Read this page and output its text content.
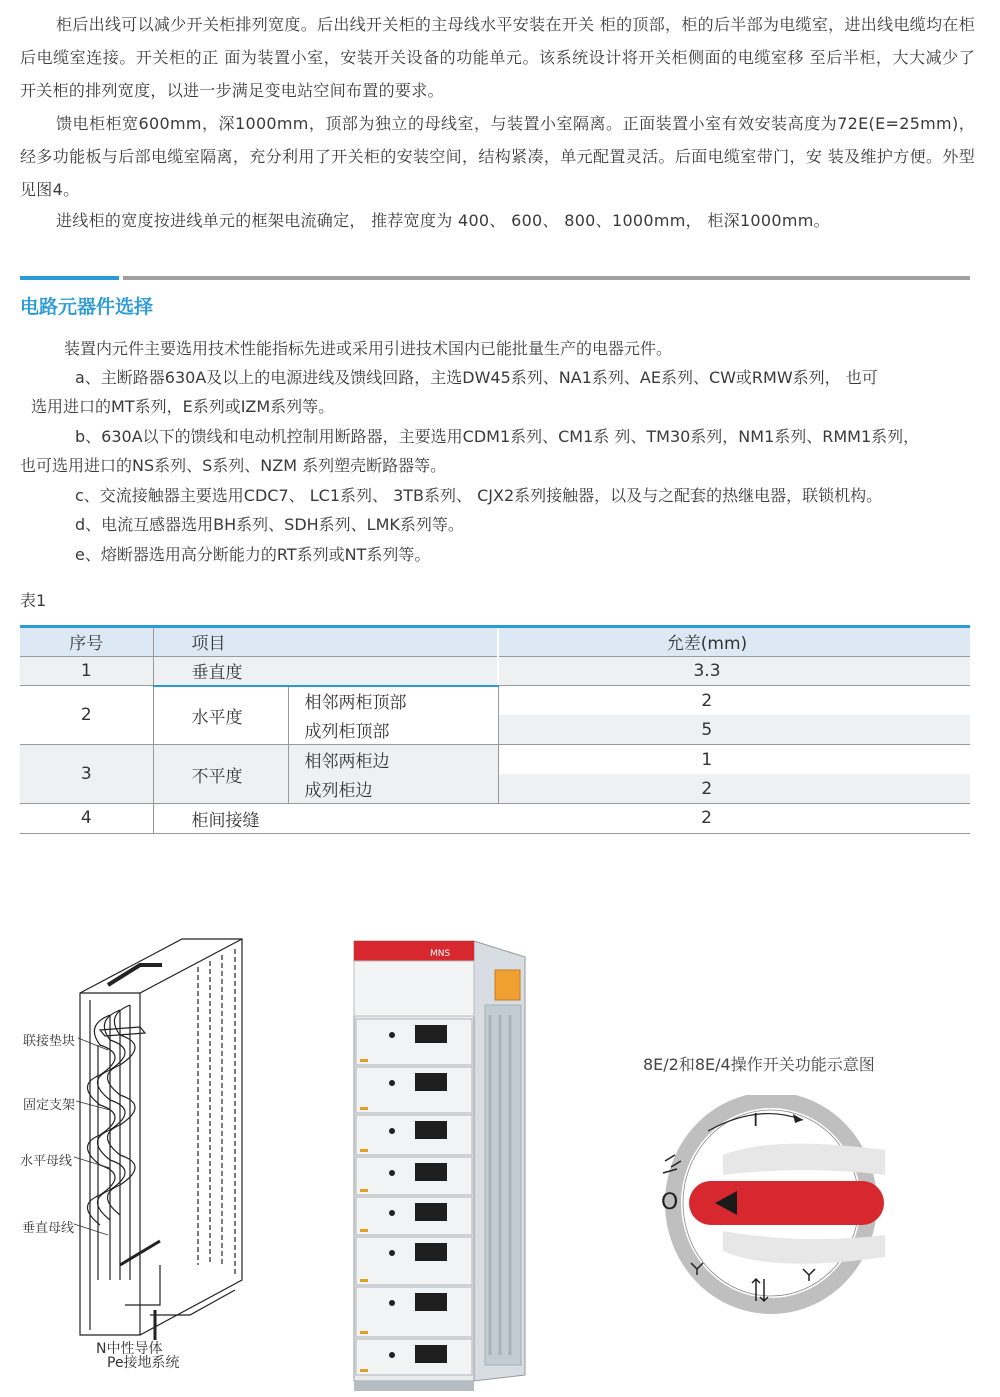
柜后出线可以减少开关柜排列宽度。后出线开关柜的主母线水平安装在开关 柜的顶部，柜的后半部为电缆室，进出线电缆均在柜后电缆室连接。开关柜的正 面为装置小室，安装开关设备的功能单元。该系统设计将开关柜侧面的电缆室移 至后半柜，大大减少了开关柜的排列宽度，以进一步满足变电站空间布置的要求。

馈电柜柜宽600mm，深1000mm，顶部为独立的母线室，与装置小室隔离。正面装置小室有效安装高度为72E(E=25mm)， 经多功能板与后部电缆室隔离，充分利用了开关柜的安装空间，结构紧凑，单元配置灵活。后面电缆室带门，安 装及维护方便。外型见图4。

进线柜的宽度按进线单元的框架电流确定， 推荐宽度为 400、 600、 800、1000mm， 柜深1000mm。

电路元器件选择
装置内元件主要选用技术性能指标先进或采用引进技术国内已能批量生产的电器元件。
a、主断路器630A及以上的电源进线及馈线回路，主选DW45系列、NA1系列、AE系列、CW或RMW系列， 也可
选用进口的MT系列，E系列或IZM系列等。
b、630A以下的馈线和电动机控制用断路器，主要选用CDM1系列、CM1系 列、TM30系列，NM1系列、RMM1系列，
也可选用进口的NS系列、S系列、NZM 系列塑壳断路器等。
c、交流接触器主要选用CDC7、 LC1系列、 3TB系列、 CJX2系列接触器，以及与之配套的热继电器，联锁机构。
d、电流互感器选用BH系列、SDH系列、LMK系列等。
e、熔断器选用高分断能力的RT系列或NT系列等。
表1
序号	项目		允差(mm)
1	垂直度		3.3
2	水平度	相邻两柜顶部	2
		成列柜顶部	5
3	不平度	相邻两柜边	1
		成列柜边	2
4	柜间接缝		2
联接垫块
固定支架
水平母线
垂直母线
N中性导体
Pe接地系统
MNS
8E/2和8E/4操作开关功能示意图
I
O
